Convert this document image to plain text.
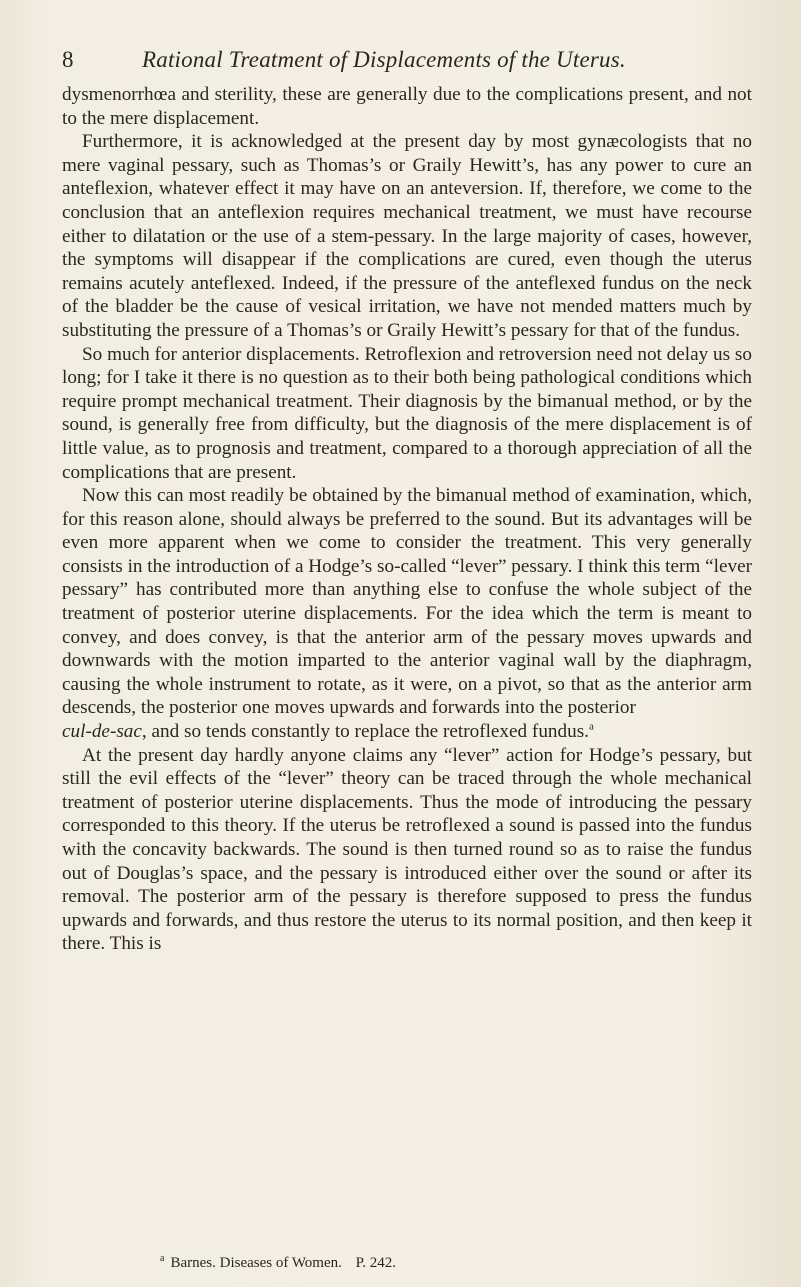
8	Rational Treatment of Displacements of the Uterus.

dysmenorrhœa and sterility, these are generally due to the complications present, and not to the mere displacement.

Furthermore, it is acknowledged at the present day by most gynæcologists that no mere vaginal pessary, such as Thomas’s or Graily Hewitt’s, has any power to cure an anteflexion, whatever effect it may have on an anteversion. If, therefore, we come to the conclusion that an anteflexion requires mechanical treatment, we must have recourse either to dilatation or the use of a stem-pessary. In the large majority of cases, however, the symptoms will disappear if the complications are cured, even though the uterus remains acutely anteflexed. Indeed, if the pressure of the anteflexed fundus on the neck of the bladder be the cause of vesical irritation, we have not mended matters much by substituting the pressure of a Thomas’s or Graily Hewitt’s pessary for that of the fundus.

So much for anterior displacements. Retroflexion and retroversion need not delay us so long; for I take it there is no question as to their both being pathological conditions which require prompt mechanical treatment. Their diagnosis by the bimanual method, or by the sound, is generally free from difficulty, but the diagnosis of the mere displacement is of little value, as to prognosis and treatment, compared to a thorough appreciation of all the complications that are present.

Now this can most readily be obtained by the bimanual method of examination, which, for this reason alone, should always be preferred to the sound. But its advantages will be even more apparent when we come to consider the treatment. This very generally consists in the introduction of a Hodge’s so-called “lever” pessary. I think this term “lever pessary” has contributed more than anything else to confuse the whole subject of the treatment of posterior uterine displacements. For the idea which the term is meant to convey, and does convey, is that the anterior arm of the pessary moves upwards and downwards with the motion imparted to the anterior vaginal wall by the diaphragm, causing the whole instrument to rotate, as it were, on a pivot, so that as the anterior arm descends, the posterior one moves upwards and forwards into the posterior

cul-de-sac, and so tends constantly to replace the retroflexed fundus.$^a$

At the present day hardly anyone claims any “lever” action for Hodge’s pessary, but still the evil effects of the “lever” theory can be traced through the whole mechanical treatment of posterior uterine displacements. Thus the mode of introducing the pessary corresponded to this theory. If the uterus be retroflexed a sound is passed into the fundus with the concavity backwards. The sound is then turned round so as to raise the fundus out of Douglas’s space, and the pessary is introduced either over the sound or after its removal. The posterior arm of the pessary is therefore supposed to press the fundus upwards and forwards, and thus restore the uterus to its normal position, and then keep it there. This is

$^a$ Barnes. Diseases of Women. P. 242.
